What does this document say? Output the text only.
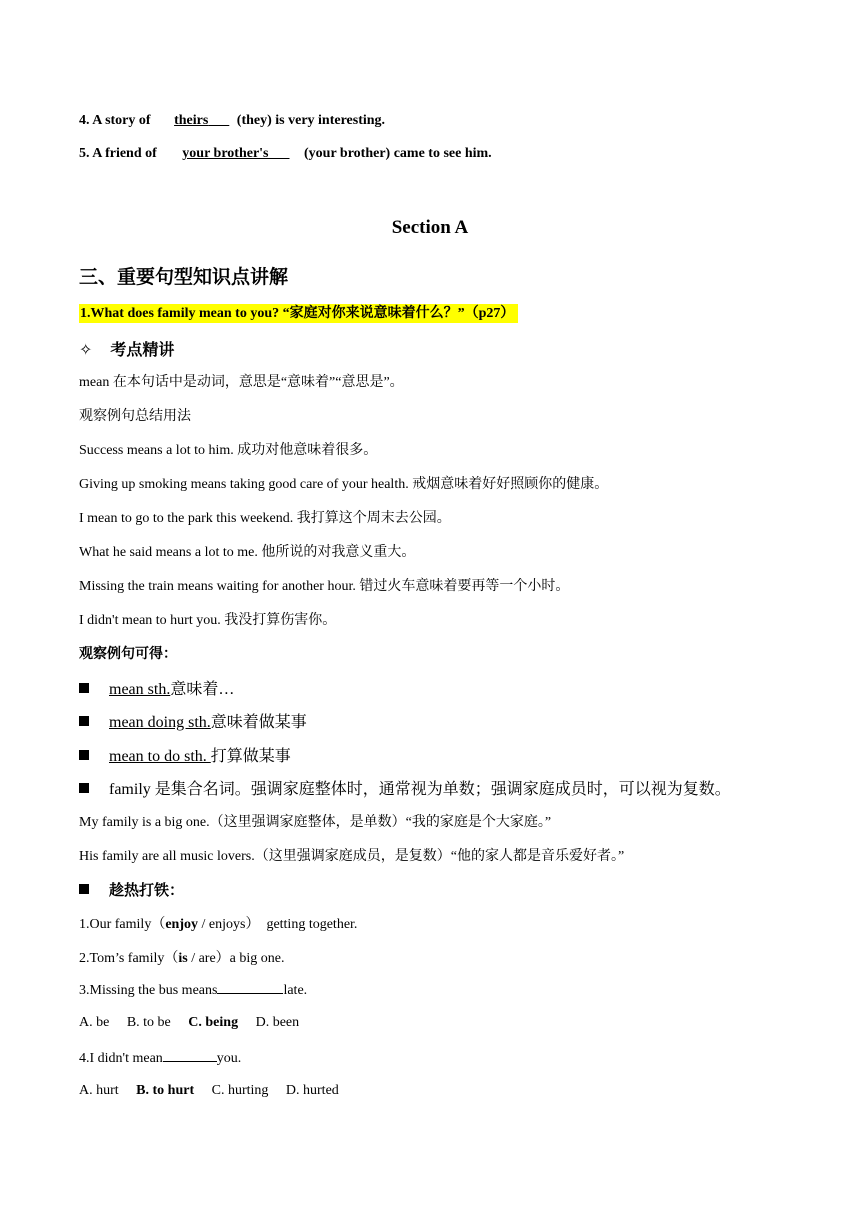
4. A story of theirs (they) is very interesting.
5. A friend of your brother's	(your brother) came to see him.
Section A
三、重要句型知识点讲解
1.What does family mean to you? “家庭对你来说意味着什么？”（p27）
✧ 考点精讲
mean 在本句话中是动词，意思是“意味着”“意思是”。
观察例句总结用法
Success means a lot to him. 成功对他意味着很多。
Giving up smoking means taking good care of your health. 戒烟意味着好好照顾你的健康。
I mean to go to the park this weekend. 我打算这个周末去公园。
What he said means a lot to me. 他所说的对我意义重大。
Missing the train means waiting for another hour. 错过火车意味着要再等一个小时。
I didn't mean to hurt you. 我没打算伤害你。
观察例句可得：
mean sth.意味着…
mean doing sth.意味着做某事
mean to do sth. 打算做某事
family 是集合名词。强调家庭整体时，通常视为单数；强调家庭成员时，可以视为复数。
My family is a big one.（这里强调家庭整体，是单数）“我的家庭是个大家庭。”
His family are all music lovers.（这里强调家庭成员，是复数）“他的家人都是音乐爱好者。”
趁热打铁：
1.Our family（enjoy / enjoys）  getting together.
2.Tom’s family（is / are）a big one.
3.Missing the bus means	late.
A. be B. to be C. being D. been
4.I didn't mean	you.
A. hurt B. to hurt C. hurting D. hurted
